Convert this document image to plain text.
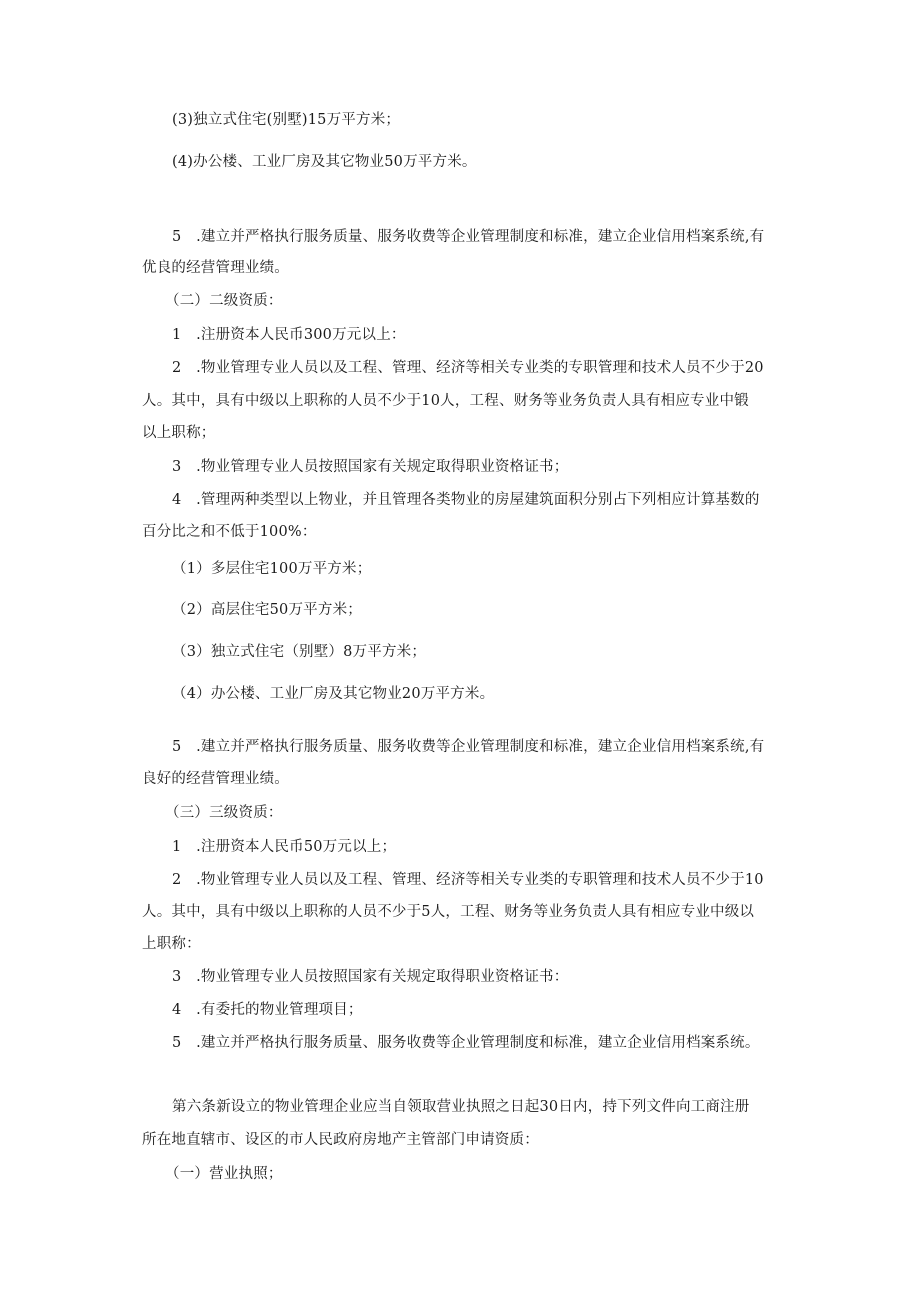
(3)独立式住宅(别墅)15万平方米；

(4)办公楼、工业厂房及其它物业50万平方米。

5　.建立并严格执行服务质量、服务收费等企业管理制度和标准，建立企业信用档案系统,有

优良的经营管理业绩。

（二）二级资质：

1　.注册资本人民币300万元以上：

2　.物业管理专业人员以及工程、管理、经济等相关专业类的专职管理和技术人员不少于20

人。其中，具有中级以上职称的人员不少于10人，工程、财务等业务负责人具有相应专业中锻

以上职称；

3　.物业管理专业人员按照国家有关规定取得职业资格证书；

4　.管理两种类型以上物业，并且管理各类物业的房屋建筑面积分别占下列相应计算基数的

百分比之和不低于100%：

（1）多层住宅100万平方米；

（2）高层住宅50万平方米；

（3）独立式住宅（别墅）8万平方米；

（4）办公楼、工业厂房及其它物业20万平方米。

5　.建立并严格执行服务质量、服务收费等企业管理制度和标准，建立企业信用档案系统,有

良好的经营管理业绩。

（三）三级资质：

1　.注册资本人民币50万元以上；

2　.物业管理专业人员以及工程、管理、经济等相关专业类的专职管理和技术人员不少于10

人。其中，具有中级以上职称的人员不少于5人，工程、财务等业务负责人具有相应专业中级以

上职称：

3　.物业管理专业人员按照国家有关规定取得职业资格证书：

4　.有委托的物业管理项目；

5　.建立并严格执行服务质量、服务收费等企业管理制度和标准，建立企业信用档案系统。

第六条新设立的物业管理企业应当自领取营业执照之日起30日内，持下列文件向工商注册

所在地直辖市、设区的市人民政府房地产主管部门申请资质：

（一）营业执照；
